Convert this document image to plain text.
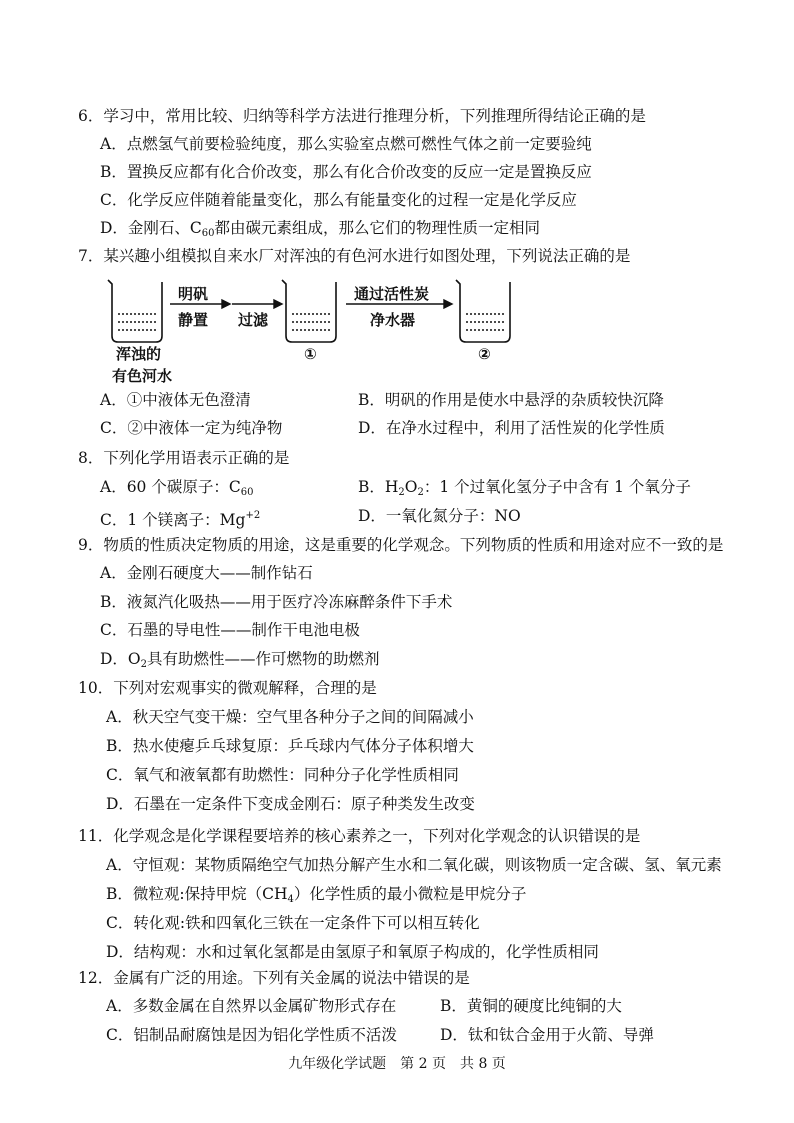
6．学习中，常用比较、归纳等科学方法进行推理分析，下列推理所得结论正确的是
A．点燃氢气前要检验纯度，那么实验室点燃可燃性气体之前一定要验纯
B．置换反应都有化合价改变，那么有化合价改变的反应一定是置换反应
C．化学反应伴随着能量变化，那么有能量变化的过程一定是化学反应
D．金刚石、$C_{60}$都由碳元素组成，那么它们的物理性质一定相同
7．某兴趣小组模拟自来水厂对浑浊的有色河水进行如图处理，下列说法正确的是
明矾
静置 过滤
通过活性炭
净水器
浑浊的
有色河水
①	②
A．①中液体无色澄清	B．明矾的作用是使水中悬浮的杂质较快沉降
C．②中液体一定为纯净物	D．在净水过程中，利用了活性炭的化学性质
8．下列化学用语表示正确的是
A．60 个碳原子：$C_{60}$	B．$H_2O_2$：1 个过氧化氢分子中含有 1 个氧分子
C．1 个镁离子：$Mg^{+2}$	D．一氧化氮分子：NO
9．物质的性质决定物质的用途，这是重要的化学观念。下列物质的性质和用途对应不一致的是
A．金刚石硬度大——制作钻石
B．液氮汽化吸热——用于医疗冷冻麻醉条件下手术
C．石墨的导电性——制作干电池电极
D．$O_2$具有助燃性——作可燃物的助燃剂
10．下列对宏观事实的微观解释，合理的是
A．秋天空气变干燥：空气里各种分子之间的间隔减小
B．热水使瘪乒乓球复原：乒乓球内气体分子体积增大
C．氧气和液氧都有助燃性：同种分子化学性质相同
D．石墨在一定条件下变成金刚石：原子种类发生改变
11．化学观念是化学课程要培养的核心素养之一，下列对化学观念的认识错误的是
A．守恒观：某物质隔绝空气加热分解产生水和二氧化碳，则该物质一定含碳、氢、氧元素
B．微粒观:保持甲烷$(CH_4)$化学性质的最小微粒是甲烷分子
C．转化观:铁和四氧化三铁在一定条件下可以相互转化
D．结构观：水和过氧化氢都是由氢原子和氧原子构成的，化学性质相同
12．金属有广泛的用途。下列有关金属的说法中错误的是
A．多数金属在自然界以金属矿物形式存在	B．黄铜的硬度比纯铜的大
C．铝制品耐腐蚀是因为铝化学性质不活泼	D．钛和钛合金用于火箭、导弹
九年级化学试题　第 2 页　共 8 页
